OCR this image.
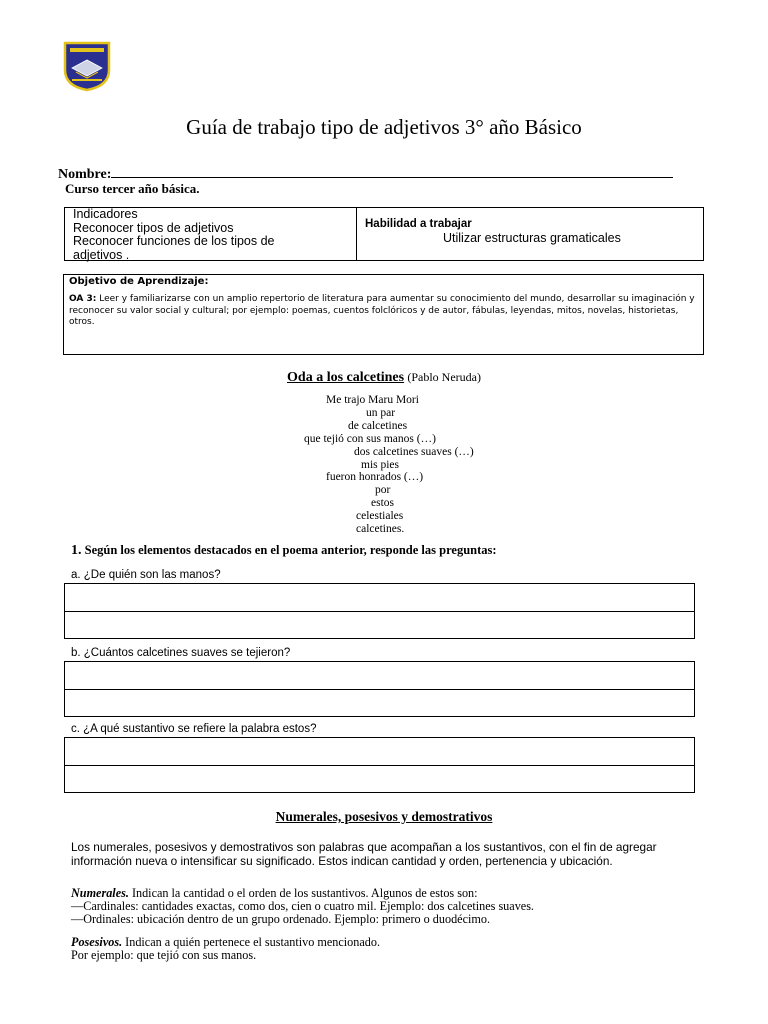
Guía de trabajo tipo de adjetivos 3° año Básico
Nombre:
Curso tercer año básica.
Indicadores
Reconocer tipos de adjetivos
Reconocer funciones de los tipos de
adjetivos .
Habilidad a trabajar
Utilizar estructuras gramaticales
Objetivo de Aprendizaje:
OA 3: Leer y familiarizarse con un amplio repertorio de literatura para aumentar su conocimiento del mundo, desarrollar su imaginación y reconocer su valor social y cultural; por ejemplo: poemas, cuentos folclóricos y de autor, fábulas, leyendas, mitos, novelas, historietas, otros.
Oda a los calcetines (Pablo Neruda)
Me trajo Maru Mori
un par
de calcetines
que tejió con sus manos (…)
dos calcetines suaves (…)
mis pies
fueron honrados (…)
por
estos
celestiales
calcetines.
1. Según los elementos destacados en el poema anterior, responde las preguntas:
a. ¿De quién son las manos?
b. ¿Cuántos calcetines suaves se tejieron?
c. ¿A qué sustantivo se refiere la palabra estos?
Numerales, posesivos y demostrativos
Los numerales, posesivos y demostrativos son palabras que acompañan a los sustantivos, con el fin de agregar información nueva o intensificar su significado. Estos indican cantidad y orden, pertenencia y ubicación.
Numerales. Indican la cantidad o el orden de los sustantivos. Algunos de estos son:
—Cardinales: cantidades exactas, como dos, cien o cuatro mil. Ejemplo: dos calcetines suaves.
—Ordinales: ubicación dentro de un grupo ordenado. Ejemplo: primero o duodécimo.
Posesivos. Indican a quién pertenece el sustantivo mencionado.
Por ejemplo: que tejió con sus manos.
